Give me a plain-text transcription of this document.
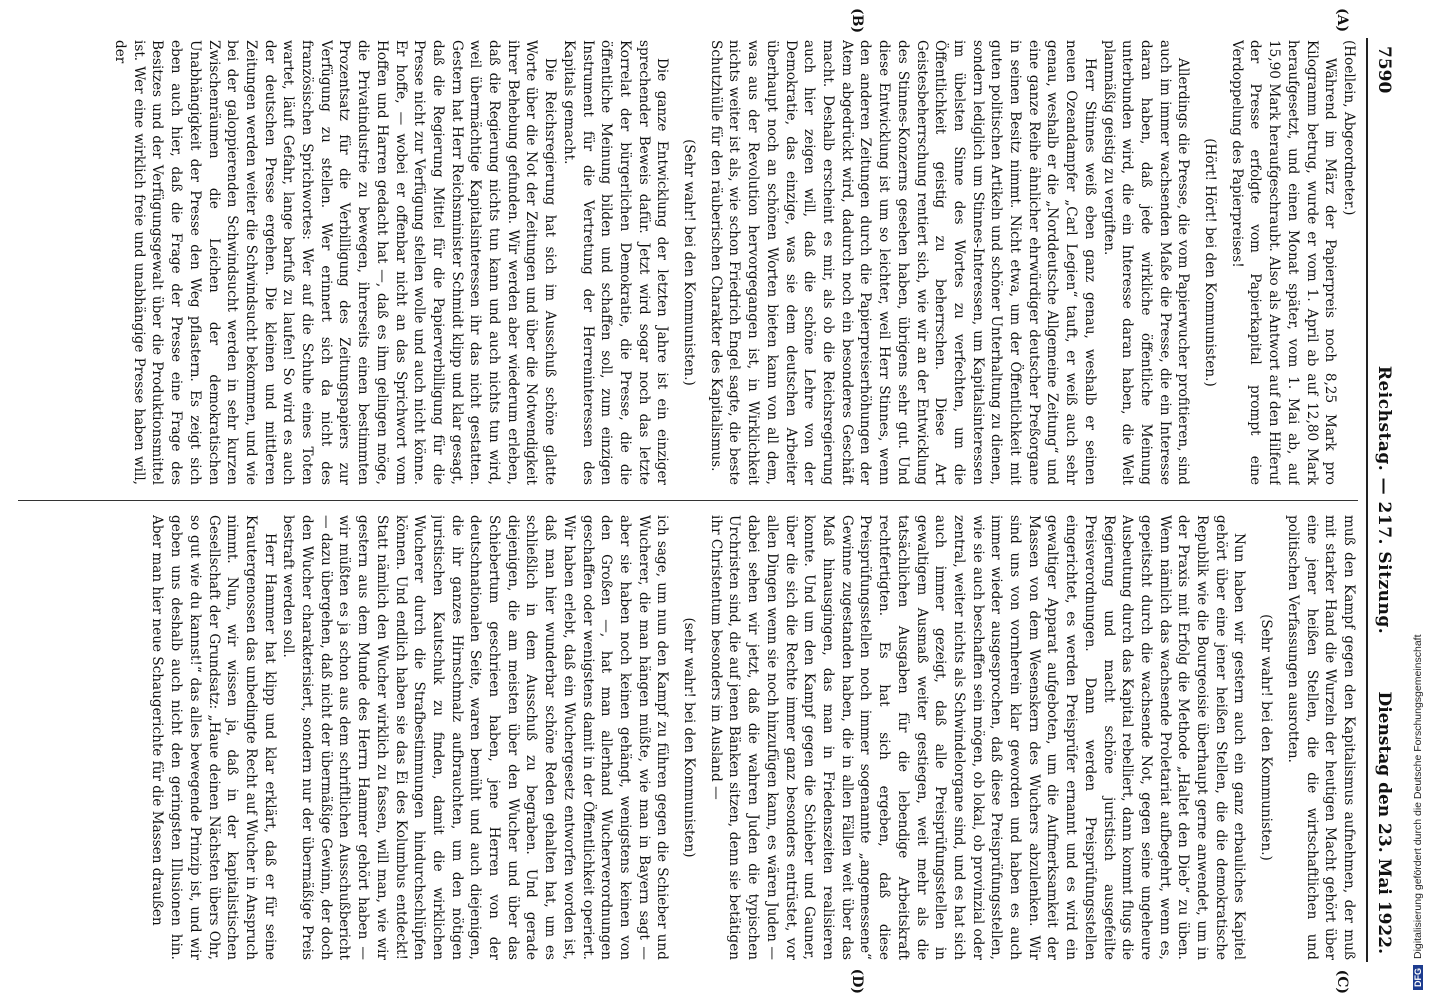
7590
Reichstag. — 217. Sitzung.
Dienstag den 23. Mai 1922.
(A)
(B)
(C)
(D)

(Hoellein, Abgeordneter.)

Während im März der Papierpreis noch 8,25 Mark pro Kilogramm betrug, wurde er vom 1. April ab auf 12,80 Mark heraufgesetzt, und einen Monat später, vom 1. Mai ab, auf 15,90 Mark heraufgeschraubt. Also als Antwort auf den Hilferuf der Presse erfolgte vom Papierkapital prompt eine Verdoppelung des Papierpreises!

(Hört! Hört! bei den Kommunisten.)

Allerdings die Presse, die vom Papierwucher profitieren, sind auch im immer wachsenden Maße die Presse, die ein Interesse daran haben, daß jede wirkliche öffentliche Meinung unterbunden wird, die ein Interesse daran haben, die Welt planmäßig geistig zu vergiften.

Herr Stinnes weiß eben ganz genau, weshalb er seinen neuen Ozeandampfer „Carl Legien“ tauft, er weiß auch sehr genau, weshalb er die „Norddeutsche Allgemeine Zeitung“ und eine ganze Reihe ähnlicher ehrwürdiger deutscher Preßorgane in seinen Besitz nimmt. Nicht etwa, um der Öffentlichkeit mit guten politischen Artikeln und schöner Unterhaltung zu dienen, sondern lediglich um Stinnes-Interessen, um Kapitalsinteressen im übelsten Sinne des Wortes zu verfechten, um die Öffentlichkeit geistig zu beherrschen. Diese Art Geistesbeherrschung rentiert sich, wie wir an der Entwicklung des Stinnes-Konzerns gesehen haben, übrigens sehr gut. Und diese Entwicklung ist um so leichter, weil Herr Stinnes, wenn den anderen Zeitungen durch die Papierpreiserhöhungen der Atem abgedrückt wird, dadurch noch ein besonderes Geschäft macht. Deshalb erscheint es mir, als ob die Reichsregierung auch hier zeigen will, daß die schöne Lehre von der Demokratie, das einzige, was sie dem deutschen Arbeiter überhaupt noch an schönen Worten bieten kann von all dem, was aus der Revolution hervorgegangen ist, in Wirklichkeit nichts weiter ist als, wie schon Friedrich Engel sagte, die beste Schutzhülle für den räuberischen Charakter des Kapitalismus.

(Sehr wahr! bei den Kommunisten.)

Die ganze Entwicklung der letzten Jahre ist ein einziger sprechender Beweis dafür. Jetzt wird sogar noch das letzte Korrelat der bürgerlichen Demokratie, die Presse, die die öffentliche Meinung bilden und schaffen soll, zum einzigen Instrument für die Vertretung der Herreninteressen des Kapitals gemacht.

Die Reichsregierung hat sich im Ausschuß schöne glatte Worte über die Not der Zeitungen und über die Notwendigkeit ihrer Behebung gefunden. Wir werden aber wiederum erleben, daß die Regierung nichts tun kann und auch nichts tun wird, weil übermächtige Kapitalsinteressen ihr das nicht gestatten. Gestern hat Herr Reichsminister Schmidt klipp und klar gesagt, daß die Regierung Mittel für die Papierverbilligung für die Presse nicht zur Verfügung stellen wolle und auch nicht könne. Er hoffe, — wobei er offenbar nicht an das Sprichwort vom Hoffen und Harren gedacht hat —, daß es ihm gelingen möge, die Privatindustrie zu bewegen, ihrerseits einen bestimmten Prozentsatz für die Verbilligung des Zeitungspapiers zur Verfügung zu stellen. Wer erinnert sich da nicht des französischen Sprichwortes: Wer auf die Schuhe eines Toten wartet, läuft Gefahr, lange barfuß zu laufen! So wird es auch der deutschen Presse ergehen. Die kleinen und mittleren Zeitungen werden weiter die Schwindsucht bekommen, und wie bei der galoppierenden Schwindsucht werden in sehr kurzen Zwischenräumen die Leichen der demokratischen Unabhängigkeit der Presse den Weg pflastern. Es zeigt sich eben auch hier, daß die Frage der Presse eine Frage des Besitzes und der Verfügungsgewalt über die Produktionsmittel ist. Wer eine wirklich freie und unabhängige Presse haben will, der

muß den Kampf gegen den Kapitalismus aufnehmen, der muß mit starker Hand die Wurzeln der heutigen Macht gehört über eine jener heißen Stellen, die die wirtschaftlichen und politischen Verfassungen ausrotten.

(Sehr wahr! bei den Kommunisten.)

Nun haben wir gestern auch ein ganz erbauliches Kapitel gehört über eine jener heißen Stellen, die die demokratische Republik wie die Bourgeoisie überhaupt gerne anwendet, um in der Praxis mit Erfolg die Methode „Haltet den Dieb“ zu üben. Wenn nämlich das wachsende Proletariat aufbegehrt, wenn es, gepeitscht durch die wachsende Not, gegen seine ungeheure Ausbeutung durch das Kapital rebelliert, dann kommt flugs die Regierung und macht schöne juristisch ausgefeilte Preisverordnungen. Dann werden Preisprüfungsstellen eingerichtet, es werden Preisprüfer ernannt und es wird ein gewaltiger Apparat aufgeboten, um die Aufmerksamkeit der Massen von dem Wesenskern des Wuchers abzulenken. Wir sind uns von vornherein klar geworden und haben es auch immer wieder ausgesprochen, daß diese Preisprüfungsstellen, wie sie auch beschaffen sein mögen, ob lokal, ob provinzial oder zentral, weiter nichts als Schwindelorgane sind, und es hat sich auch immer gezeigt, daß alle Preisprüfungsstellen in gewaltigem Ausmaß weiter gestiegen, weit mehr als die tatsächlichen Ausgaben für die lebendige Arbeitskraft rechtfertigten. Es hat sich ergeben, daß diese Preisprüfungsstellen noch immer sogenannte „angemessene“ Gewinne zugestanden haben, die in allen Fällen weit über das Maß hinausgingen, das man in Friedenszeiten realisieren konnte. Und um den Kampf gegen die Schieber und Gauner, über die sich die Rechte immer ganz besonders entrüstet, vor allen Dingen wenn sie noch hinzufügen kann, es wären Juden — dabei sehen wir jetzt, daß die wahren Juden die typischen Urchristen sind, die auf jenen Bänken sitzen, denn sie betätigen ihr Christentum besonders im Ausland —

(sehr wahr! bei den Kommunisten)

ich sage, um nun den Kampf zu führen gegen die Schieber und Wucherer, die man hängen müßte, wie man in Bayern sagt — aber sie haben noch keinen gehängt, wenigstens keinen von den Großen —, hat man allerhand Wucherverordnungen geschaffen oder wenigstens damit in der Öffentlichkeit operiert. Wir haben erlebt, daß ein Wuchergesetz entworfen worden ist, daß man hier wunderbar schöne Reden gehalten hat, um es schließlich in dem Ausschuß zu begraben. Und gerade diejenigen, die am meisten über den Wucher und über das Schiebertum geschrieen haben, jene Herren von der deutschnationalen Seite, waren bemüht und auch diejenigen, die ihr ganzes Hirnschmalz aufbrauchten, um den nötigen juristischen Kautschuk zu finden, damit die wirklichen Wucherer durch die Strafbestimmungen hindurchschlüpfen können. Und endlich haben sie das Ei des Kolumbus entdeckt! Statt nämlich den Wucher wirklich zu fassen, will man, wie wir gestern aus dem Munde des Herrn Hammer gehört haben — wir müßten es ja schon aus dem schriftlichen Ausschußbericht — dazu übergehen, daß nicht der übermäßige Gewinn, der doch den Wucher charakterisiert, sondern nur der übermäßige Preis bestraft werden soll.

Herr Hammer hat klipp und klar erklärt, daß er für seine Krautergenossen das unbedingte Recht auf Wucher in Anspruch nimmt. Nun, wir wissen ja, daß in der kapitalistischen Gesellschaft der Grundsatz: „Haue deinen Nächsten übers Ohr, so gut wie du kannst!“ das alles bewegende Prinzip ist, und wir geben uns deshalb auch nicht den geringsten Illusionen hin. Aber man hier neue Schaugerichte für die Massen draußen

DFGDigitalisierung gefördert durch die Deutsche Forschungsgemeinschaft
